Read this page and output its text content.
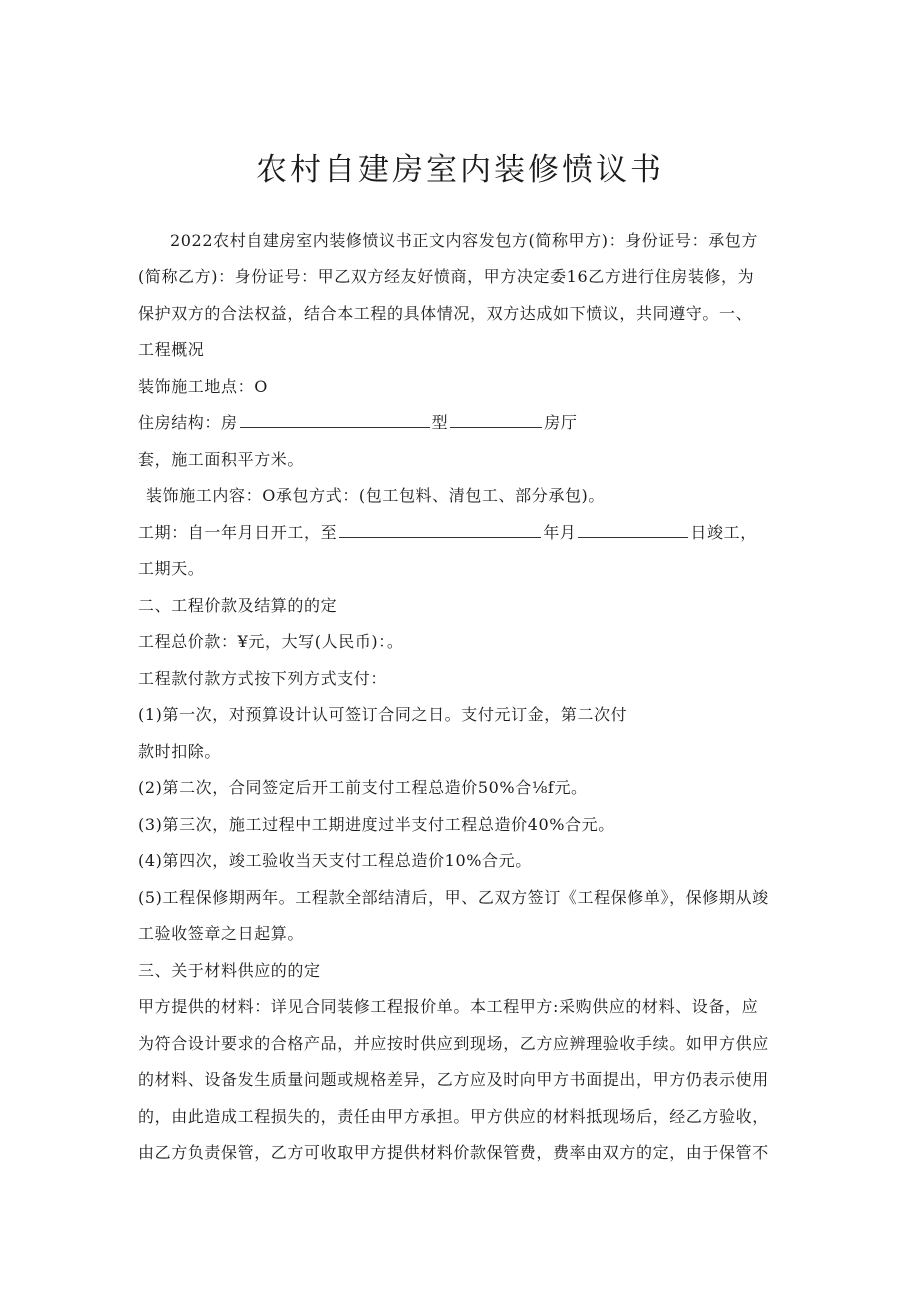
农村自建房室内装修愤议书
2022农村自建房室内装修愤议书正文内容发包方(简称甲方)：身份证号：承包方
(简称乙方)：身份证号：甲乙双方经友好愤商，甲方决定委16乙方进行住房装修，为
保护双方的合法权益，结合本工程的具体情况，双方达成如下愤议，共同遵守。一、
工程概况
装饰施工地点：O
住房结构：房	型	房厅
套，施工面积平方米。
装饰施工内容：O承包方式：(包工包料、清包工、部分承包)。
工期：自一年月日开工，至	年月	日竣工，
工期天。
二、工程价款及结算的的定
工程总价款：¥元，大写(人民币)：。
工程款付款方式按下列方式支付：
(1)第一次，对预算设计认可签订合同之日。支付元订金，第二次付
款时扣除。
(2)第二次，合同签定后开工前支付工程总造价50%合⅛f元。
(3)第三次，施工过程中工期进度过半支付工程总造价40%合元。
(4)第四次，竣工验收当天支付工程总造价10%合元。
(5)工程保修期两年。工程款全部结清后，甲、乙双方签订《工程保修单》，保修期从竣
工验收签章之日起算。
三、关于材料供应的的定
甲方提供的材料：详见合同装修工程报价单。本工程甲方:采购供应的材料、设备，应
为符合设计要求的合格产品，并应按时供应到现场，乙方应辨理验收手续。如甲方供应
的材料、设备发生质量问题或规格差异，乙方应及时向甲方书面提出，甲方仍表示使用
的，由此造成工程损失的，责任由甲方承担。甲方供应的材料抵现场后，经乙方验收，
由乙方负责保管，乙方可收取甲方提供材料价款保管费，费率由双方的定，由于保管不
